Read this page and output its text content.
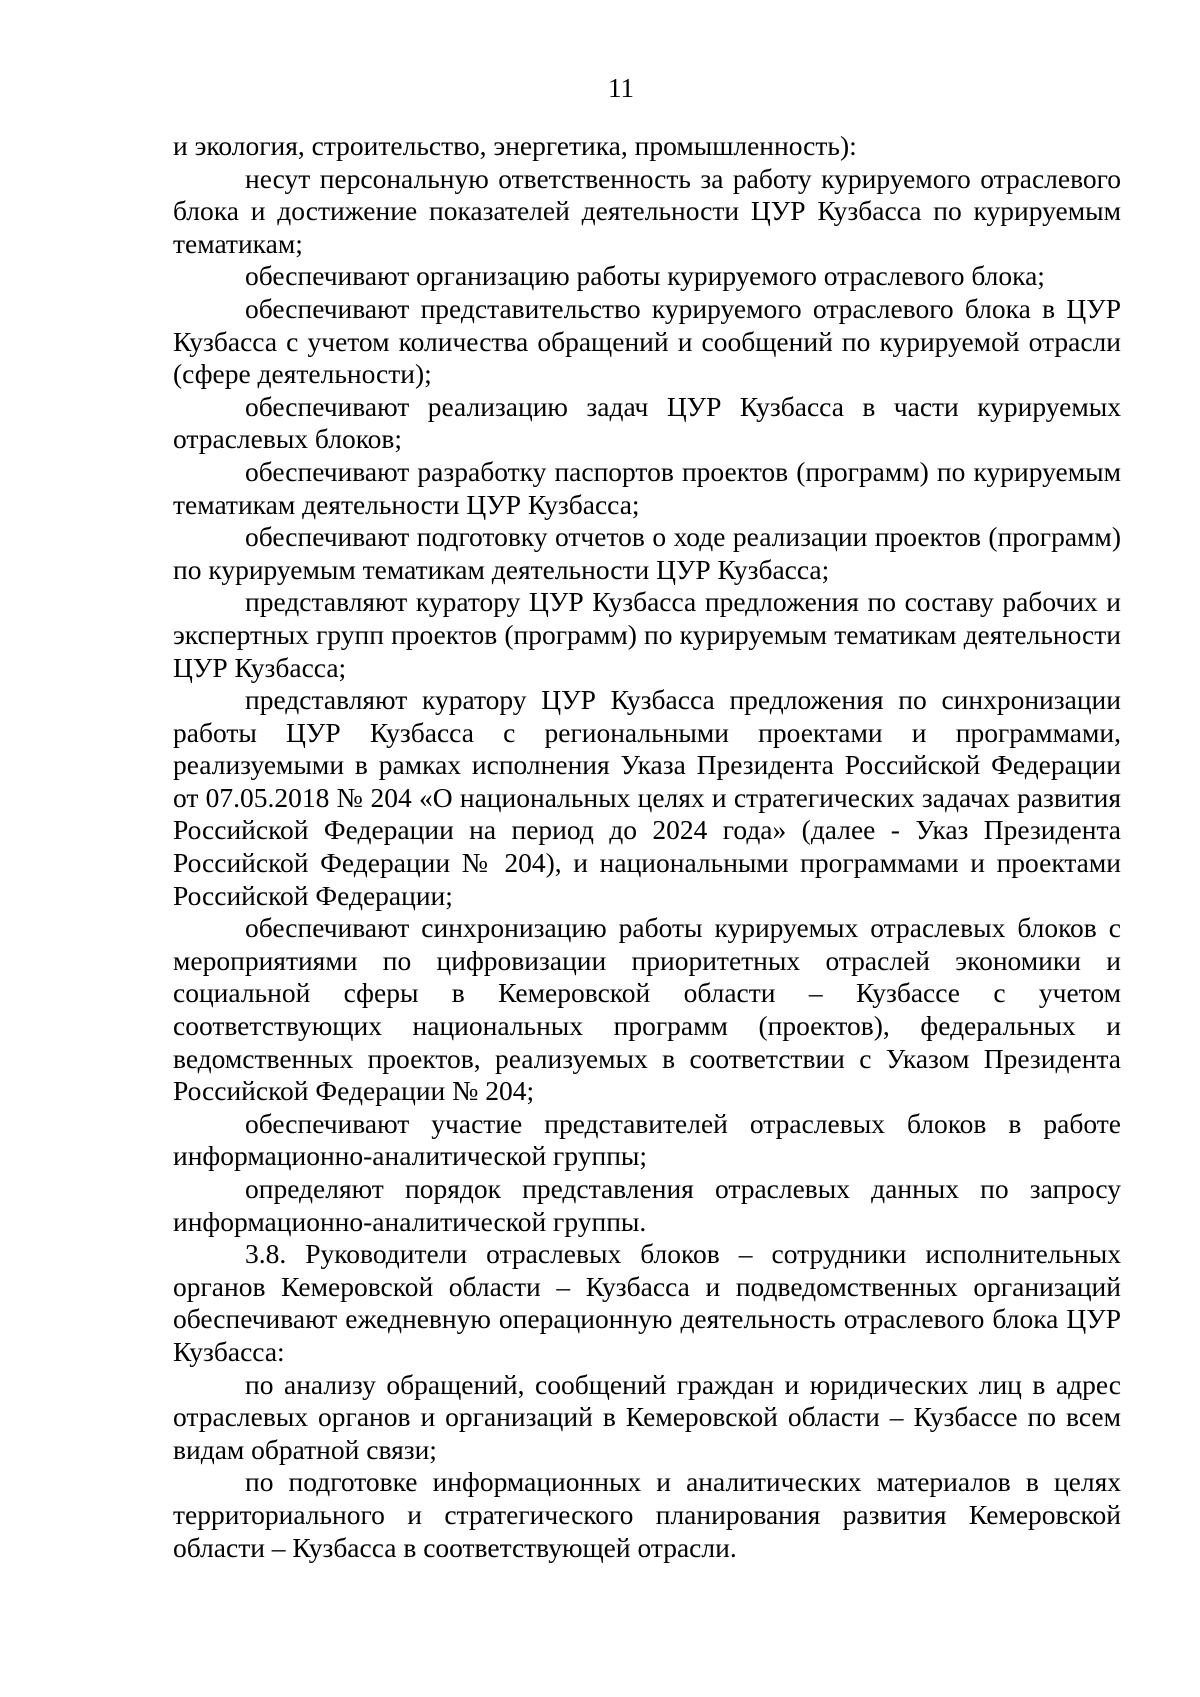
11

и экология, строительство, энергетика, промышленность):

несут персональную ответственность за работу курируемого отраслевого блока и достижение показателей деятельности ЦУР Кузбасса по курируемым тематикам;

обеспечивают организацию работы курируемого отраслевого блока;

обеспечивают представительство курируемого отраслевого блока в ЦУР Кузбасса с учетом количества обращений и сообщений по курируемой отрасли (сфере деятельности);

обеспечивают реализацию задач ЦУР Кузбасса в части курируемых отраслевых блоков;

обеспечивают разработку паспортов проектов (программ) по курируемым тематикам деятельности ЦУР Кузбасса;

обеспечивают подготовку отчетов о ходе реализации проектов (программ) по курируемым тематикам деятельности ЦУР Кузбасса;

представляют куратору ЦУР Кузбасса предложения по составу рабочих и экспертных групп проектов (программ) по курируемым тематикам деятельности ЦУР Кузбасса;

представляют куратору ЦУР Кузбасса предложения по синхронизации работы ЦУР Кузбасса с региональными проектами и программами, реализуемыми в рамках исполнения Указа Президента Российской Федерации от 07.05.2018 № 204 «О национальных целях и стратегических задачах развития Российской Федерации на период до 2024 года» (далее - Указ Президента Российской Федерации № 204), и национальными программами и проектами Российской Федерации;

обеспечивают синхронизацию работы курируемых отраслевых блоков с мероприятиями по цифровизации приоритетных отраслей экономики и социальной сферы в Кемеровской области – Кузбассе с учетом соответствующих национальных программ (проектов), федеральных и ведомственных проектов, реализуемых в соответствии с Указом Президента Российской Федерации № 204;

обеспечивают участие представителей отраслевых блоков в работе информационно-аналитической группы;

определяют порядок представления отраслевых данных по запросу информационно-аналитической группы.

3.8. Руководители отраслевых блоков – сотрудники исполнительных органов Кемеровской области – Кузбасса и подведомственных организаций обеспечивают ежедневную операционную деятельность отраслевого блока ЦУР Кузбасса:

по анализу обращений, сообщений граждан и юридических лиц в адрес отраслевых органов и организаций в Кемеровской области – Кузбассе по всем видам обратной связи;

по подготовке информационных и аналитических материалов в целях территориального и стратегического планирования развития Кемеровской области – Кузбасса в соответствующей отрасли.
